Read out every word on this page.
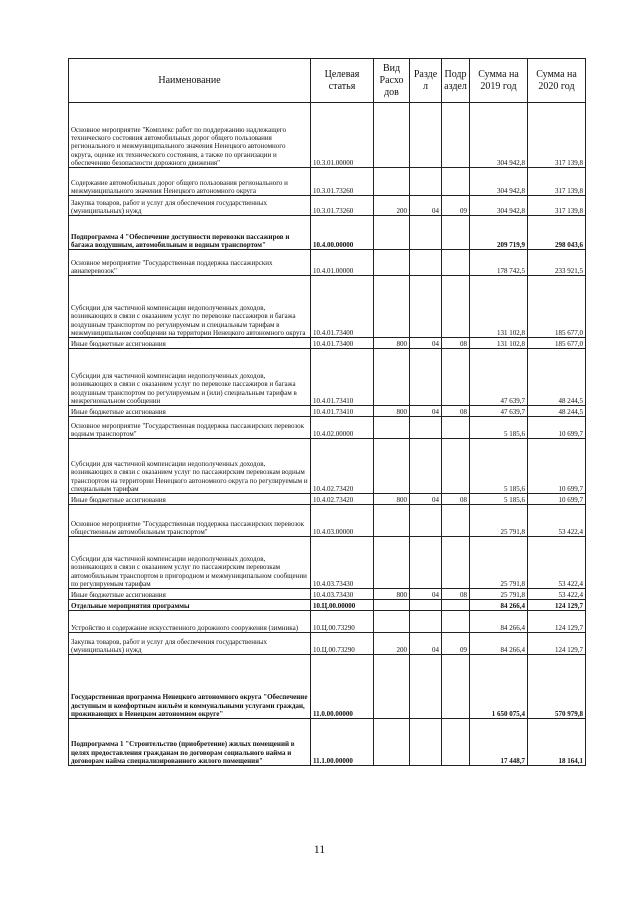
Наименование	Целевая статья	Вид Расхо дов	Разде л	Подр аздел	Сумма на 2019 год	Сумма на 2020 год
Основное мероприятие "Комплекс работ по поддержанию надлежащего технического состояния автомобильных дорог общего пользования регионального и межмуниципального значения Ненецкого автономного округа, оценке их технического состояния, а также по организации и обеспечению безопасности дорожного движения"	10.3.01.00000				304 942,8	317 139,8
Содержание автомобильных дорог общего пользования регионального и межмуниципального значения Ненецкого автономного округа	10.3.01.73260				304 942,8	317 139,8
Закупка товаров, работ и услуг для обеспечения государственных (муниципальных) нужд	10.3.01.73260	200	04	09	304 942,8	317 139,8
Подпрограмма 4 "Обеспечение доступности перевозки пассажиров и багажа воздушным, автомобильным и водным транспортом"	10.4.00.00000				209 719,9	298 043,6
Основное мероприятие "Государственная поддержка пассажирских авиаперевозок"	10.4.01.00000				178 742,5	233 921,5
Субсидии для частичной компенсации недополученных доходов, возникающих в связи с оказанием услуг по перевозке пассажиров и багажа воздушным транспортом по регулируемым и специальным тарифам в межмуниципальном сообщении на территории Ненецкого автономного округа	10.4.01.73400				131 102,8	185 677,0
Иные бюджетные ассигнования	10.4.01.73400	800	04	08	131 102,8	185 677,0
Субсидии для частичной компенсации недополученных доходов, возникающих в связи с оказанием услуг по перевозке пассажиров и багажа воздушным транспортом по регулируемым и (или) специальным тарифам в межрегиональном сообщении	10.4.01.73410				47 639,7	48 244,5
Иные бюджетные ассигнования	10.4.01.73410	800	04	08	47 639,7	48 244,5
Основное мероприятие "Государственная поддержка пассажирских перевозок водным транспортом"	10.4.02.00000				5 185,6	10 699,7
Субсидии для частичной компенсации недополученных доходов, возникающих в связи с оказанием услуг по пассажирским перевозкам водным транспортом на территории Ненецкого автономного округа по регулируемым и специальным тарифам	10.4.02.73420				5 185,6	10 699,7
Иные бюджетные ассигнования	10.4.02.73420	800	04	08	5 185,6	10 699,7
Основное мероприятие "Государственная поддержка пассажирских перевозок общественным автомобильным транспортом"	10.4.03.00000				25 791,8	53 422,4
Субсидии для частичной компенсации недополученных доходов, возникающих в связи с оказанием услуг по пассажирским перевозкам автомобильным транспортом в пригородном и межмуниципальном сообщении по регулируемым тарифам	10.4.03.73430				25 791,8	53 422,4
Иные бюджетные ассигнования	10.4.03.73430	800	04	08	25 791,8	53 422,4
Отдельные мероприятия программы	10.Ц.00.00000				84 266,4	124 129,7
Устройство и содержание искусственного дорожного сооружения (зимника)	10.Ц.00.73290				84 266,4	124 129,7
Закупка товаров, работ и услуг для обеспечения государственных (муниципальных) нужд	10.Ц.00.73290	200	04	09	84 266,4	124 129,7
Государственная программа Ненецкого автономного округа "Обеспечение доступным и комфортным жильём и коммунальными услугами граждан, проживающих в Ненецком автономном округе"	11.0.00.00000				1 650 075,4	570 979,8
Подпрограмма 1 "Строительство (приобретение) жилых помещений в целях предоставления гражданам по договорам социального найма и договорам найма специализированного жилого помещения"	11.1.00.00000				17 448,7	18 164,1
11
